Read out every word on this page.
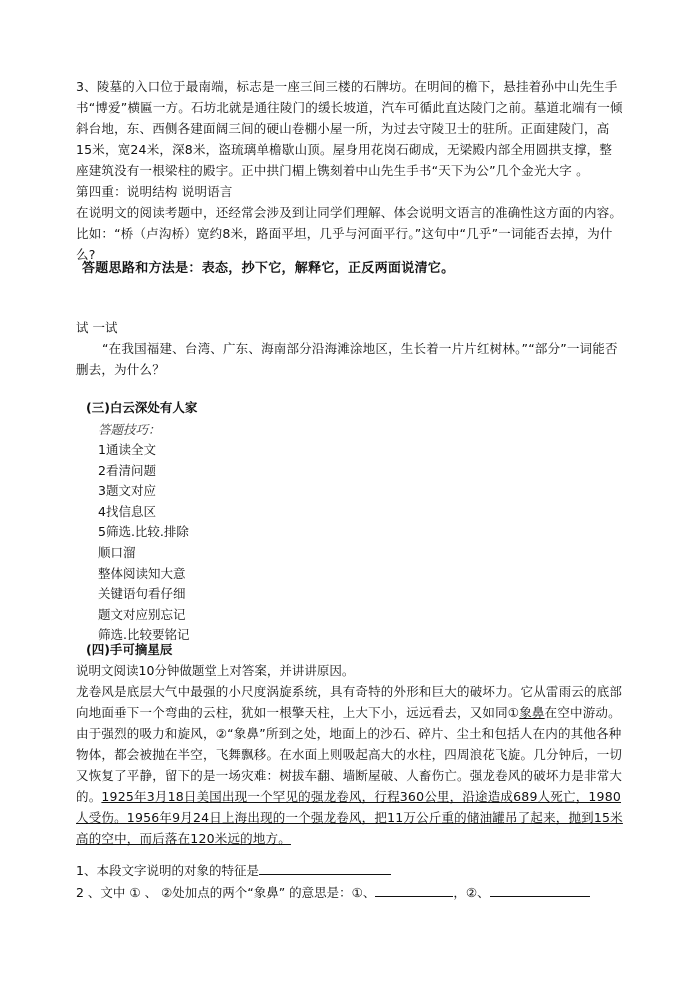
3、陵墓的入口位于最南端，标志是一座三间三楼的石牌坊。在明间的檐下，悬挂着孙中山先生手书“博爱”横匾一方。石坊北就是通往陵门的缓长坡道，汽车可循此直达陵门之前。墓道北端有一倾斜台地，东、西侧各建面阔三间的硬山卷棚小屋一所，为过去守陵卫士的驻所。正面建陵门，高15米，宽24米，深8米，盗琉璃单檐歇山顶。屋身用花岗石砌成，无梁殿内部全用圆拱支撑，整座建筑没有一根梁柱的殿宇。正中拱门楣上镌刻着中山先生手书“天下为公”几个金光大字 。

第四重：说明结构 说明语言

在说明文的阅读考题中，还经常会涉及到让同学们理解、体会说明文语言的准确性这方面的内容。比如：“桥（卢沟桥）宽约8米，路面平坦，几乎与河面平行。”这句中“几乎”一词能否去掉，为什么?

答题思路和方法是：表态，抄下它，解释它，正反两面说清它。

试 一试

“在我国福建、台湾、广东、海南部分沿海滩涂地区，生长着一片片红树林。”“部分”一词能否删去，为什么？

(三)白云深处有人家
答题技巧：
1通读全文
2看清问题
3题文对应
4找信息区
5筛选.比较.排除
顺口溜
整体阅读知大意
关键语句看仔细
题文对应别忘记
筛选.比较要铭记
(四)手可摘星辰

说明文阅读10分钟做题堂上对答案，并讲讲原因。

龙卷风是底层大气中最强的小尺度涡旋系统，具有奇特的外形和巨大的破坏力。它从雷雨云的底部向地面垂下一个弯曲的云柱，犹如一根擎天柱，上大下小，远远看去，又如同①象鼻在空中游动。由于强烈的吸力和旋风，②“象鼻”所到之处，地面上的沙石、碎片、尘土和包括人在内的其他各种物体，都会被抛在半空，飞舞飘移。在水面上则吸起高大的水柱，四周浪花飞旋。几分钟后，一切又恢复了平静，留下的是一场灾难：树拔车翻、墙断屋破、人畜伤亡。强龙卷风的破坏力是非常大的。1925年3月18日美国出现一个罕见的强龙卷风，行程360公里，沿途造成689人死亡，1980人受伤。1956年9月24日上海出现的一个强龙卷风，把11万公斤重的储油罐吊了起来，抛到15米高的空中，而后落在120米远的地方。

1、本段文字说明的对象的特征是

2 、文中 ① 、 ②处加点的两个“象鼻” 的意思是：①、	，②、
